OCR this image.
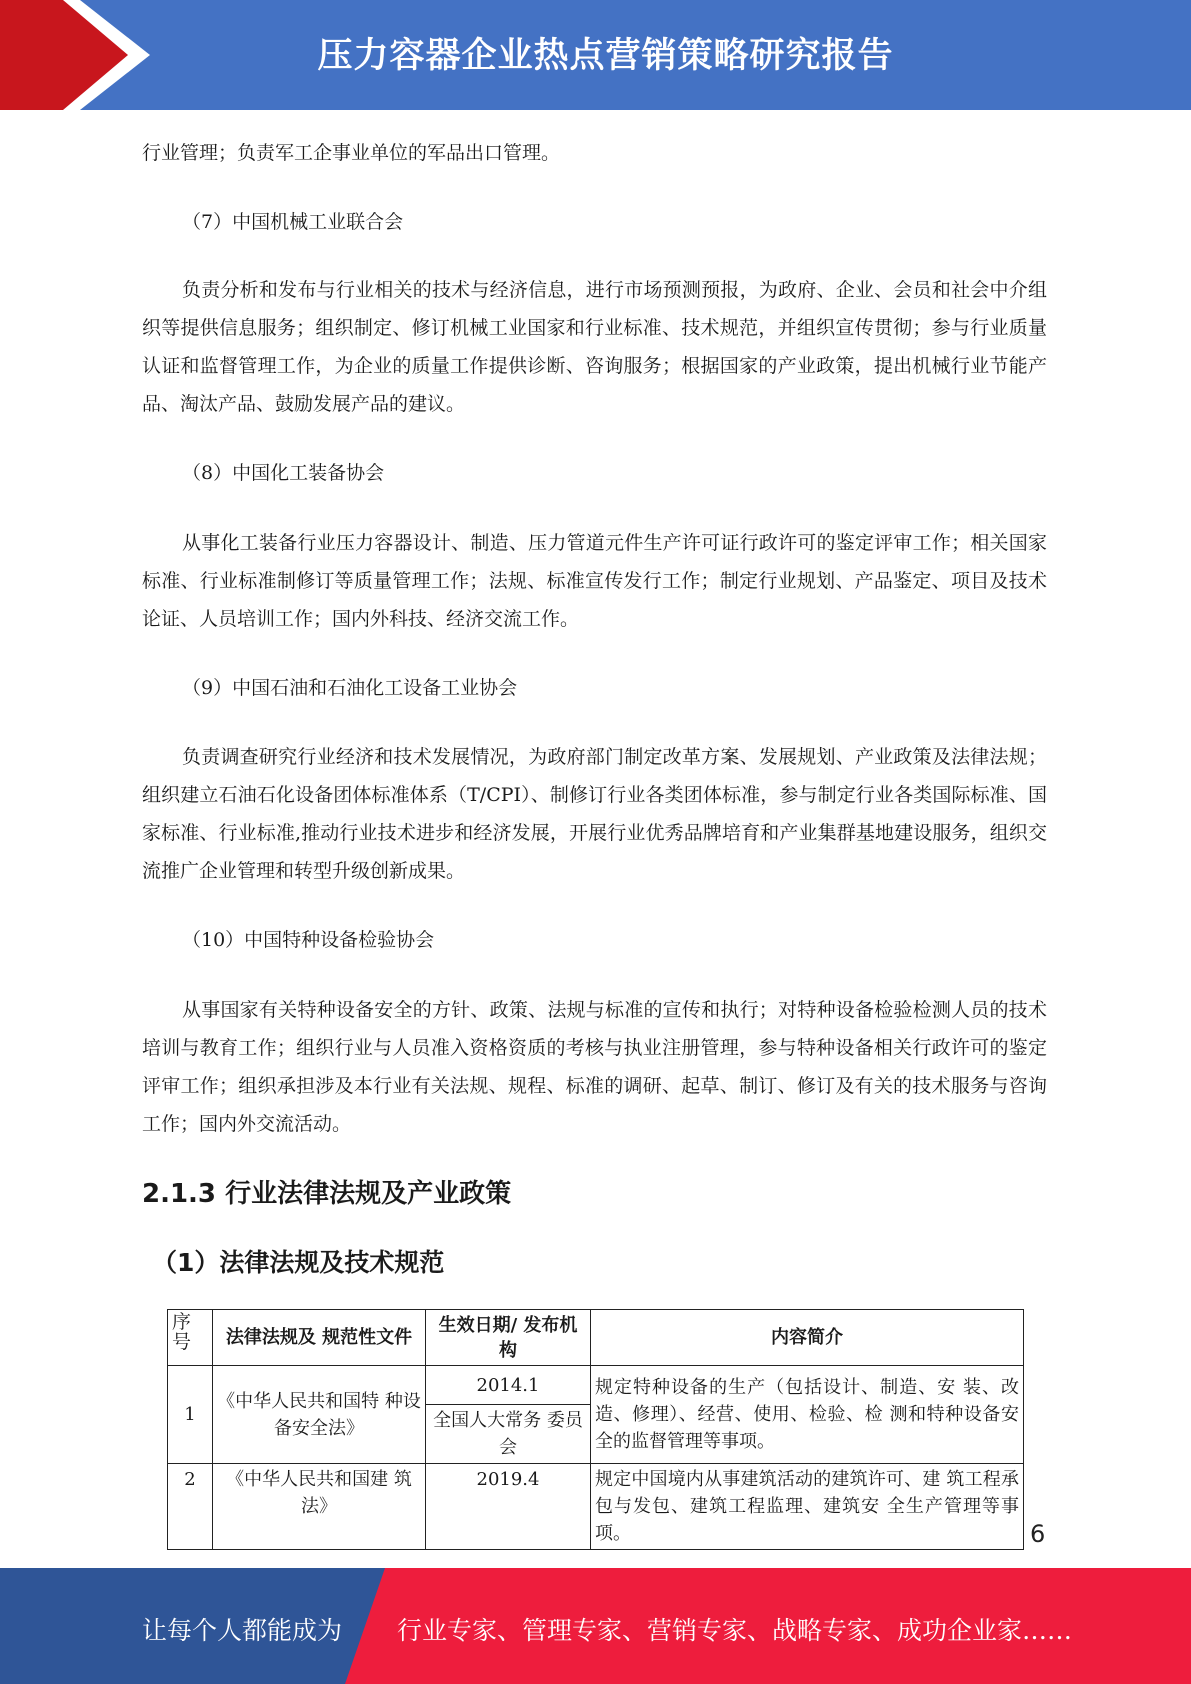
压力容器企业热点营销策略研究报告

行业管理；负责军工企事业单位的军品出口管理。

（7）中国机械工业联合会

负责分析和发布与行业相关的技术与经济信息，进行市场预测预报，为政府、企业、会员和社会中介组织等提供信息服务；组织制定、修订机械工业国家和行业标准、技术规范，并组织宣传贯彻；参与行业质量认证和监督管理工作，为企业的质量工作提供诊断、咨询服务；根据国家的产业政策，提出机械行业节能产品、淘汰产品、鼓励发展产品的建议。

（8）中国化工装备协会

从事化工装备行业压力容器设计、制造、压力管道元件生产许可证行政许可的鉴定评审工作；相关国家标准、行业标准制修订等质量管理工作；法规、标准宣传发行工作；制定行业规划、产品鉴定、项目及技术论证、人员培训工作；国内外科技、经济交流工作。

（9）中国石油和石油化工设备工业协会

负责调查研究行业经济和技术发展情况，为政府部门制定改革方案、发展规划、产业政策及法律法规；组织建立石油石化设备团体标准体系（T/CPI）、制修订行业各类团体标准，参与制定行业各类国际标准、国家标准、行业标准,推动行业技术进步和经济发展，开展行业优秀品牌培育和产业集群基地建设服务，组织交流推广企业管理和转型升级创新成果。

（10）中国特种设备检验协会

从事国家有关特种设备安全的方针、政策、法规与标准的宣传和执行；对特种设备检验检测人员的技术培训与教育工作；组织行业与人员准入资格资质的考核与执业注册管理，参与特种设备相关行政许可的鉴定评审工作；组织承担涉及本行业有关法规、规程、标准的调研、起草、制订、修订及有关的技术服务与咨询工作；国内外交流活动。

2.1.3 行业法律法规及产业政策
（1）法律法规及技术规范
序号	法律法规及 规范性文件	生效日期/ 发布机构	内容简介
1	《中华人民共和国特 种设备安全法》	2014.1	规定特种设备的生产（包括设计、制造、安 装、改造、修理）、经营、使用、检验、检 测和特种设备安全的监督管理等事项。
		全国人大常务 委员会	
2	《中华人民共和国建 筑法》	2019.4	规定中国境内从事建筑活动的建筑许可、建 筑工程承包与发包、建筑工程监理、建筑安 全生产管理等事项。	6
让每个人都能成为 行业专家、管理专家、营销专家、战略专家、成功企业家……
